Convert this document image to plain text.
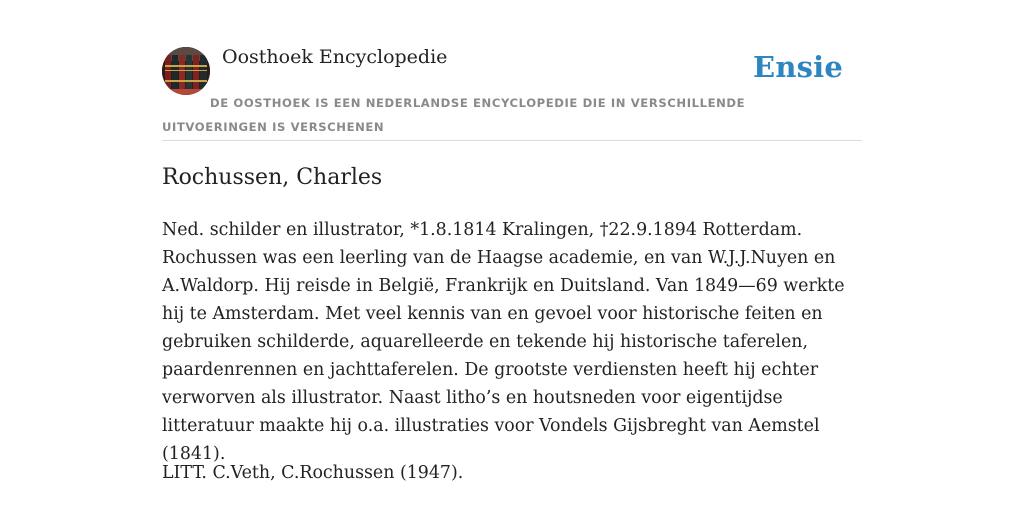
Oosthoek Encyclopedie	Ensie
DE OOSTHOEK IS EEN NEDERLANDSE ENCYCLOPEDIE DIE IN VERSCHILLENDE UITVOERINGEN IS VERSCHENEN
Rochussen, Charles

Ned. schilder en illustrator, *1.8.1814 Kralingen, †22.9.1894 Rotterdam. Rochussen was een leerling van de Haagse academie, en van W.J.J.Nuyen en A.Waldorp. Hij reisde in België, Frankrijk en Duitsland. Van 1849—69 werkte hij te Amsterdam. Met veel kennis van en gevoel voor historische feiten en gebruiken schilderde, aquarelleerde en tekende hij historische taferelen, paardenrennen en jachttaferelen. De grootste verdiensten heeft hij echter verworven als illustrator. Naast litho’s en houtsneden voor eigentijdse litteratuur maakte hij o.a. illustraties voor Vondels Gijsbreght van Aemstel (1841).

LITT. C.Veth, C.Rochussen (1947).
